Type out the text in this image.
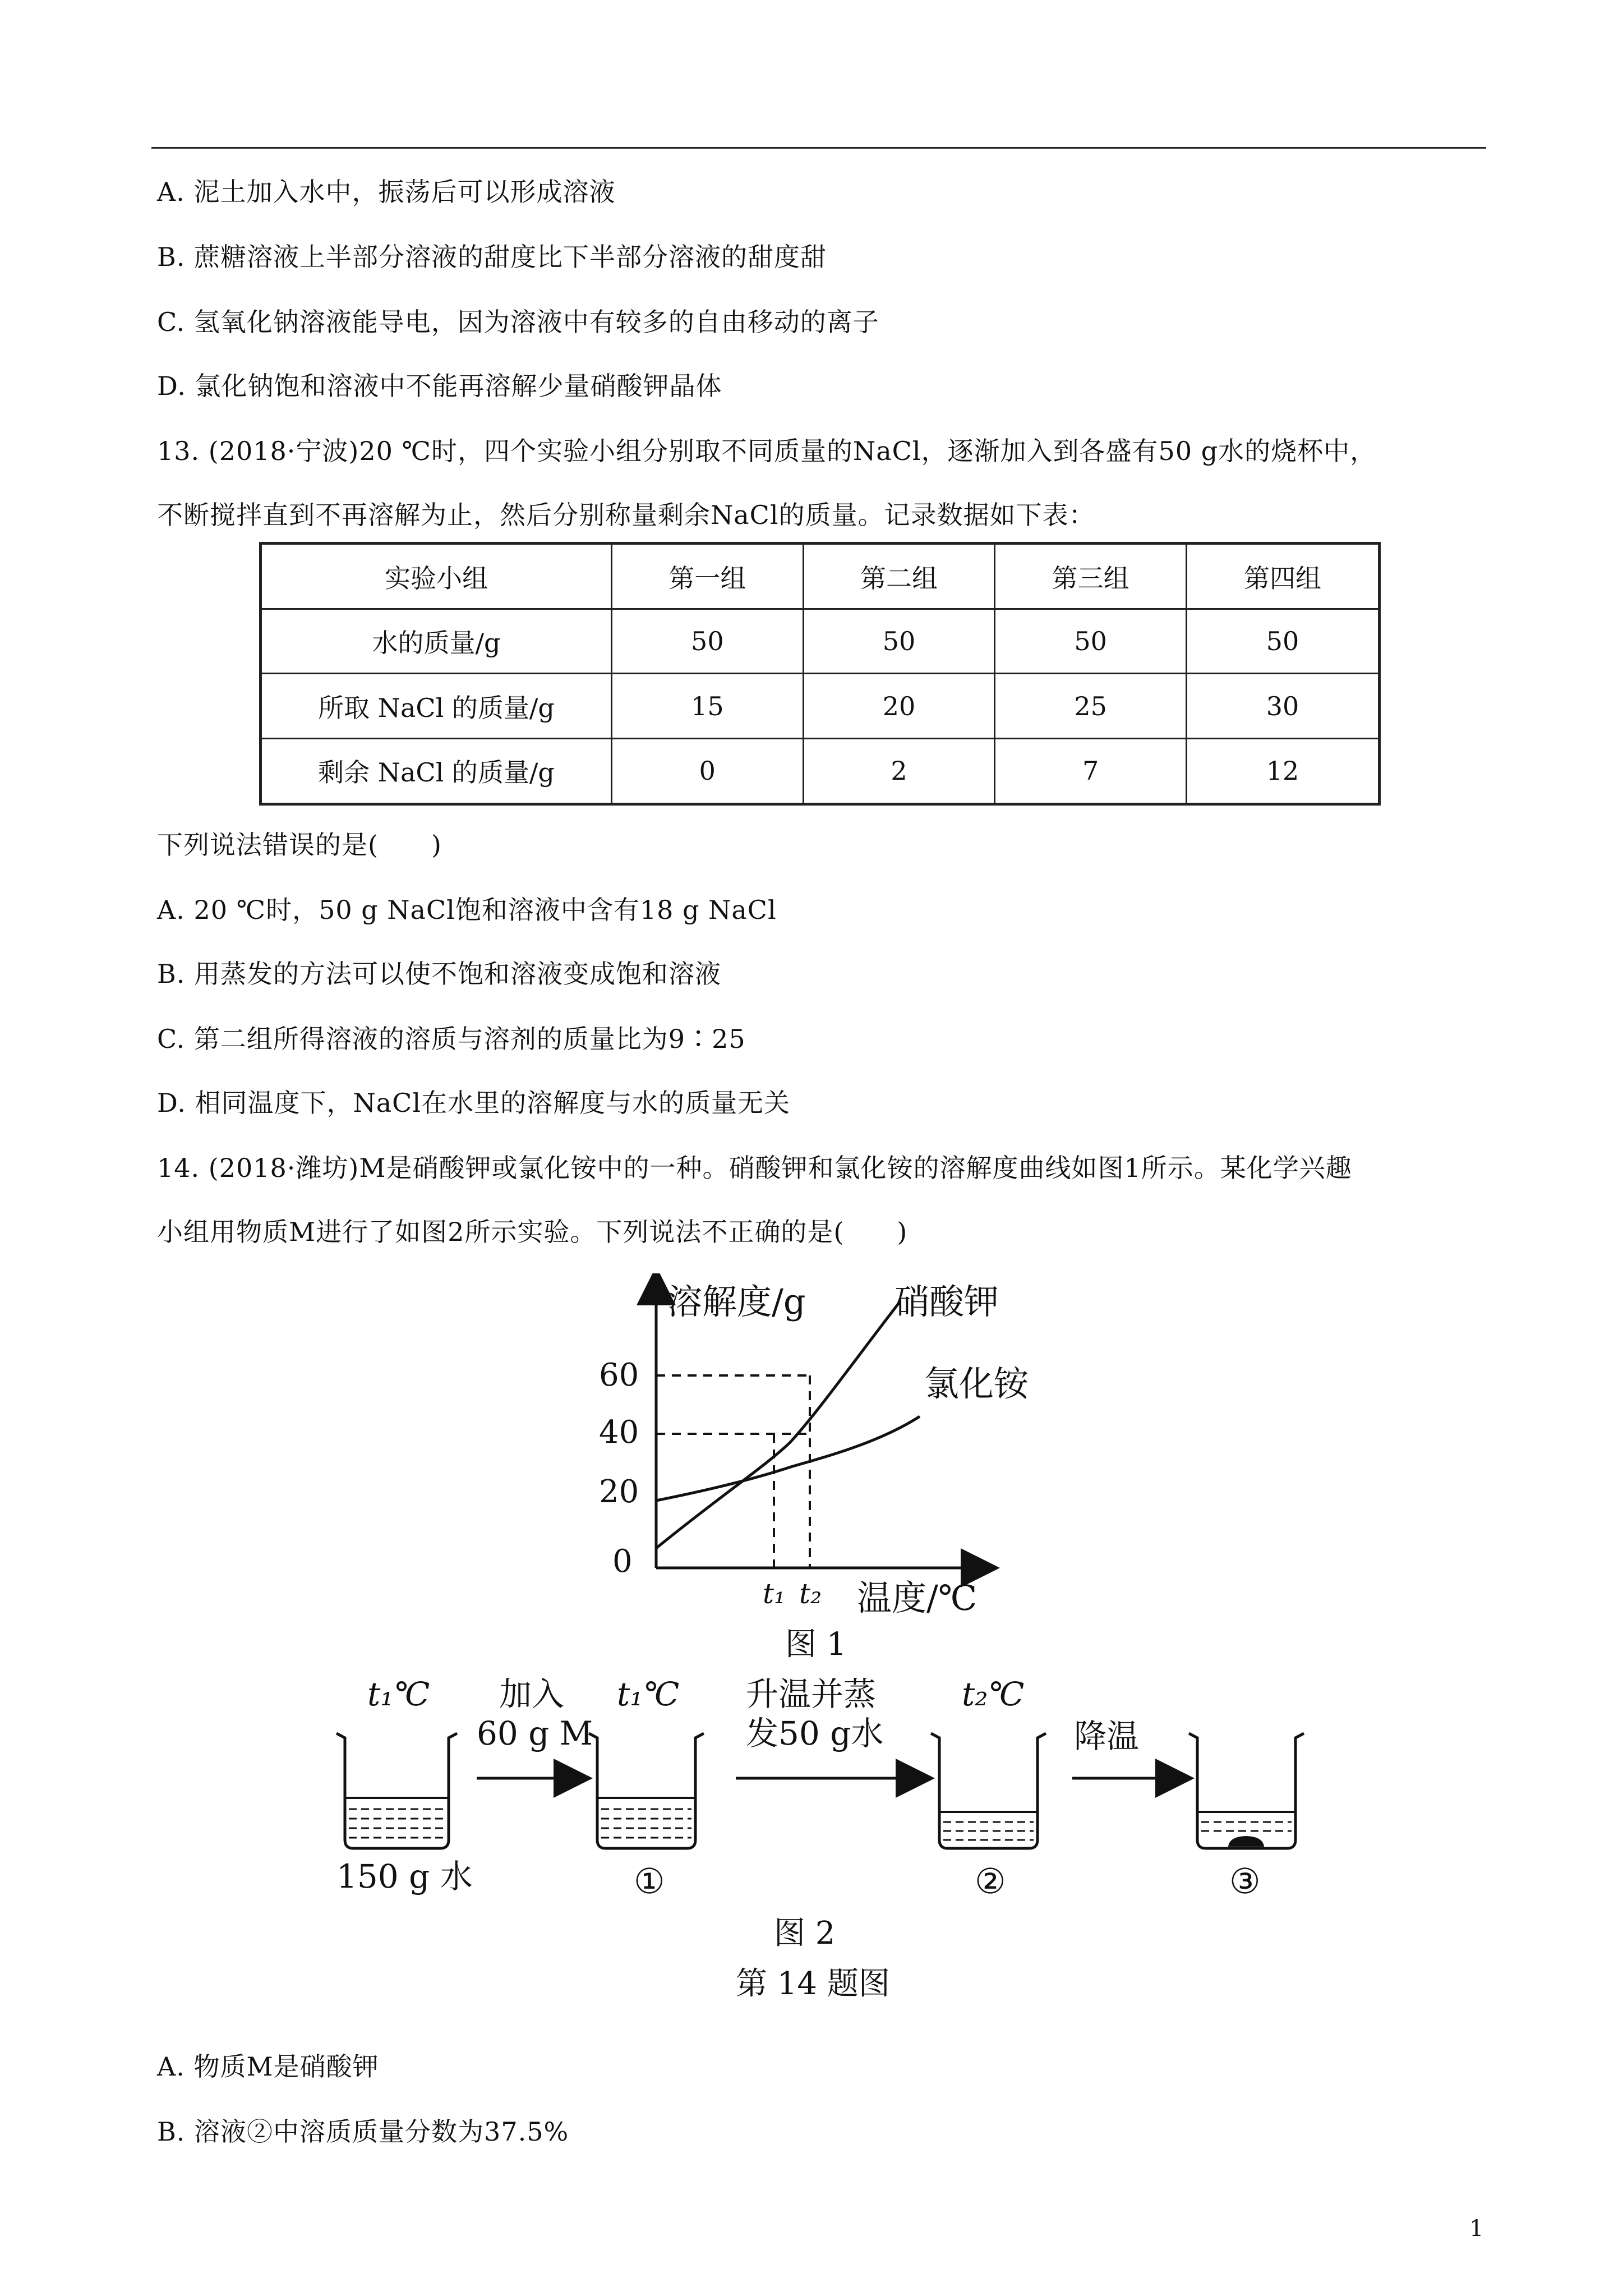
A. 泥土加入水中，振荡后可以形成溶液
B. 蔗糖溶液上半部分溶液的甜度比下半部分溶液的甜度甜
C. 氢氧化钠溶液能导电，因为溶液中有较多的自由移动的离子
D. 氯化钠饱和溶液中不能再溶解少量硝酸钾晶体
13. (2018·宁波)20 ℃时，四个实验小组分别取不同质量的NaCl，逐渐加入到各盛有50 g水的烧杯中，
不断搅拌直到不再溶解为止，然后分别称量剩余NaCl的质量。记录数据如下表：
实验小组	第一组	第二组	第三组	第四组
水的质量/g	50	50	50	50
所取 NaCl 的质量/g	15	20	25	30
剩余 NaCl 的质量/g	0	2	7	12
下列说法错误的是(　　)
A. 20 ℃时，50 g NaCl饱和溶液中含有18 g NaCl
B. 用蒸发的方法可以使不饱和溶液变成饱和溶液
C. 第二组所得溶液的溶质与溶剂的质量比为9∶25
D. 相同温度下，NaCl在水里的溶解度与水的质量无关
14. (2018·潍坊)M是硝酸钾或氯化铵中的一种。硝酸钾和氯化铵的溶解度曲线如图1所示。某化学兴趣
小组用物质M进行了如图2所示实验。下列说法不正确的是(　　)
溶解度/g
温度/℃
60
40
20
0
t₁ t₂
硝酸钾
氯化铵
图 1
t₁℃
150 g 水
加入
60 g M
t₁℃
①
升温并蒸
发50 g水
t₂℃
②
降温
③
图 2
第 14 题图
A. 物质M是硝酸钾
B. 溶液②中溶质质量分数为37.5%
1
